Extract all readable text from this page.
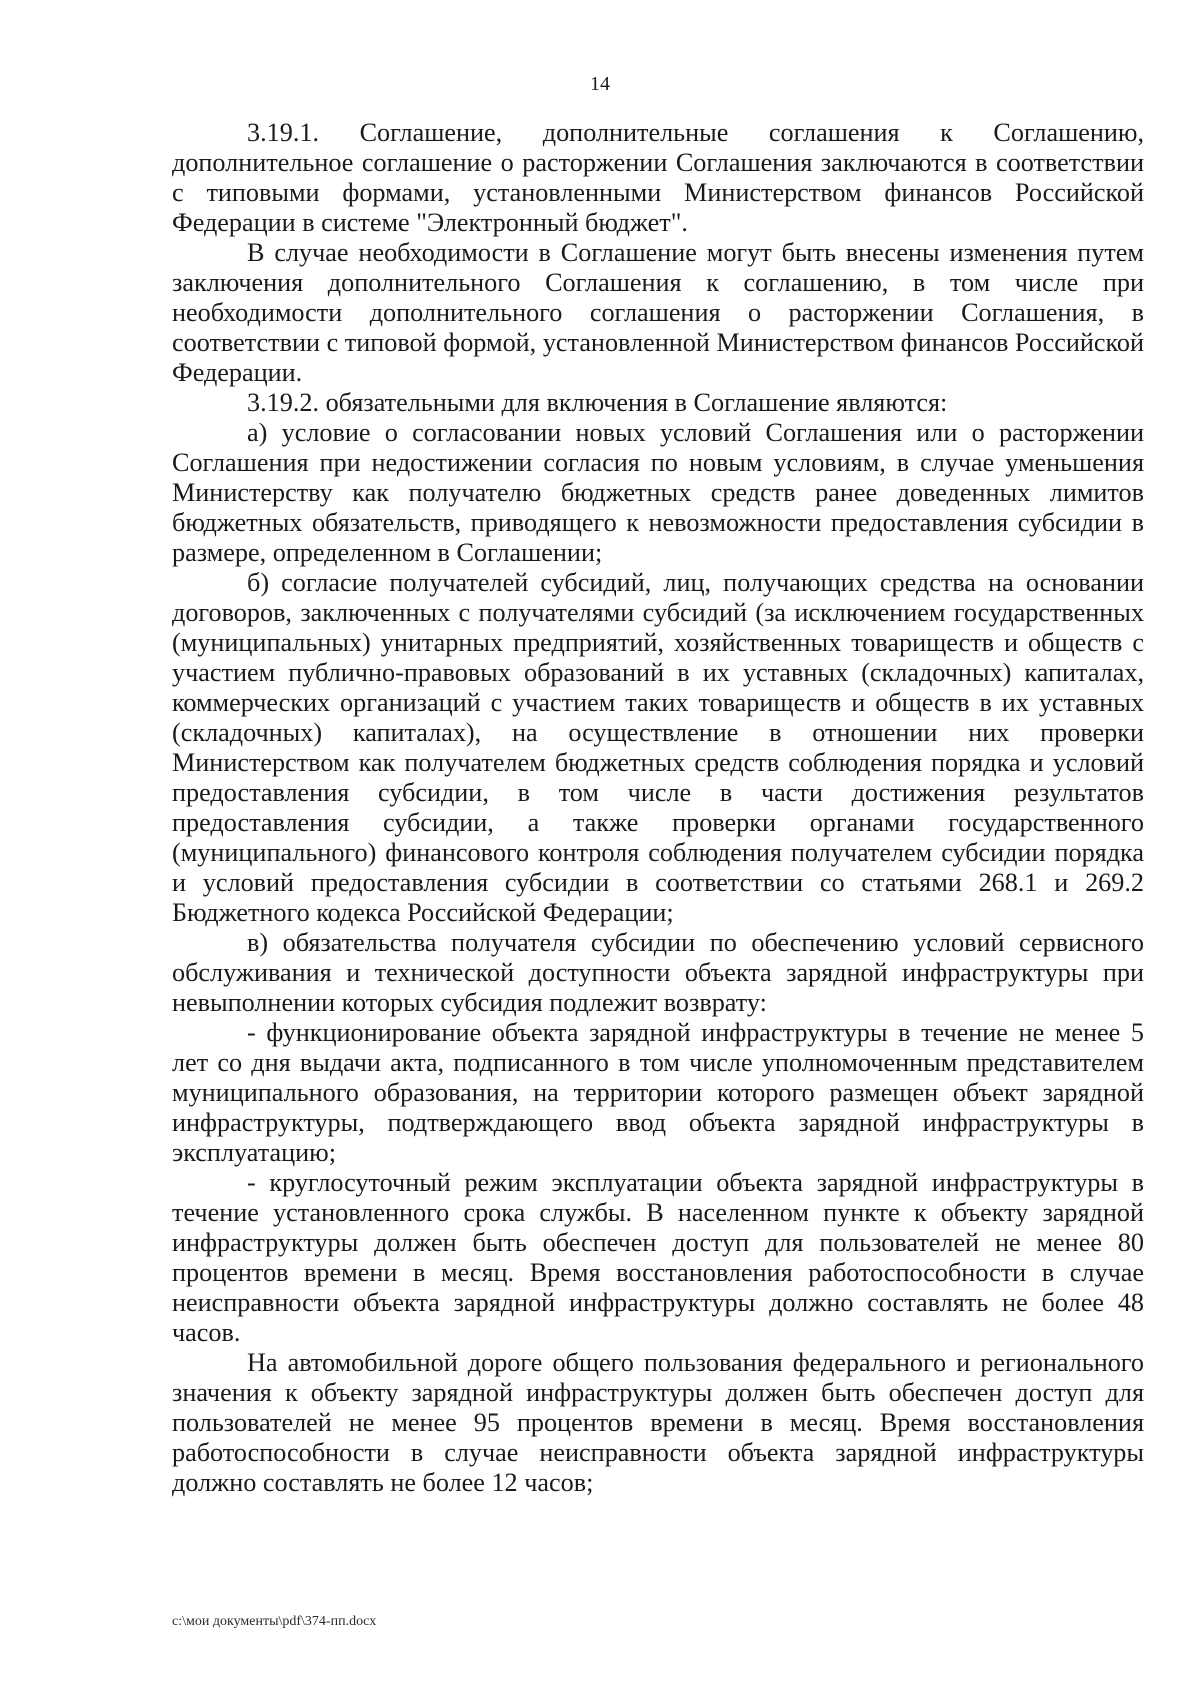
14

3.19.1. Соглашение, дополнительные соглашения к Соглашению, дополнительное соглашение о расторжении Соглашения заключаются в соответствии с типовыми формами, установленными Министерством финансов Российской Федерации в системе "Электронный бюджет".

В случае необходимости в Соглашение могут быть внесены изменения путем заключения дополнительного Соглашения к соглашению, в том числе при необходимости дополнительного соглашения о расторжении Соглашения, в соответствии с типовой формой, установленной Министерством финансов Российской Федерации.

3.19.2. обязательными для включения в Соглашение являются:

а) условие о согласовании новых условий Соглашения или о расторжении Соглашения при недостижении согласия по новым условиям, в случае уменьшения Министерству как получателю бюджетных средств ранее доведенных лимитов бюджетных обязательств, приводящего к невозможности предоставления субсидии в размере, определенном в Соглашении;

б) согласие получателей субсидий, лиц, получающих средства на основании договоров, заключенных с получателями субсидий (за исключением государственных (муниципальных) унитарных предприятий, хозяйственных товариществ и обществ с участием публично-правовых образований в их уставных (складочных) капиталах, коммерческих организаций с участием таких товариществ и обществ в их уставных (складочных) капиталах), на осуществление в отношении них проверки Министерством как получателем бюджетных средств соблюдения порядка и условий предоставления субсидии, в том числе в части достижения результатов предоставления субсидии, а также проверки органами государственного (муниципального) финансового контроля соблюдения получателем субсидии порядка и условий предоставления субсидии в соответствии со статьями 268.1 и 269.2 Бюджетного кодекса Российской Федерации;

в) обязательства получателя субсидии по обеспечению условий сервисного обслуживания и технической доступности объекта зарядной инфраструктуры при невыполнении которых субсидия подлежит возврату:

- функционирование объекта зарядной инфраструктуры в течение не менее 5 лет со дня выдачи акта, подписанного в том числе уполномоченным представителем муниципального образования, на территории которого размещен объект зарядной инфраструктуры, подтверждающего ввод объекта зарядной инфраструктуры в эксплуатацию;

- круглосуточный режим эксплуатации объекта зарядной инфраструктуры в течение установленного срока службы. В населенном пункте к объекту зарядной инфраструктуры должен быть обеспечен доступ для пользователей не менее 80 процентов времени в месяц. Время восстановления работоспособности в случае неисправности объекта зарядной инфраструктуры должно составлять не более 48 часов.

На автомобильной дороге общего пользования федерального и регионального значения к объекту зарядной инфраструктуры должен быть обеспечен доступ для пользователей не менее 95 процентов времени в месяц. Время восстановления работоспособности в случае неисправности объекта зарядной инфраструктуры должно составлять не более 12 часов;

c:\мои документы\pdf\374-пп.docx
